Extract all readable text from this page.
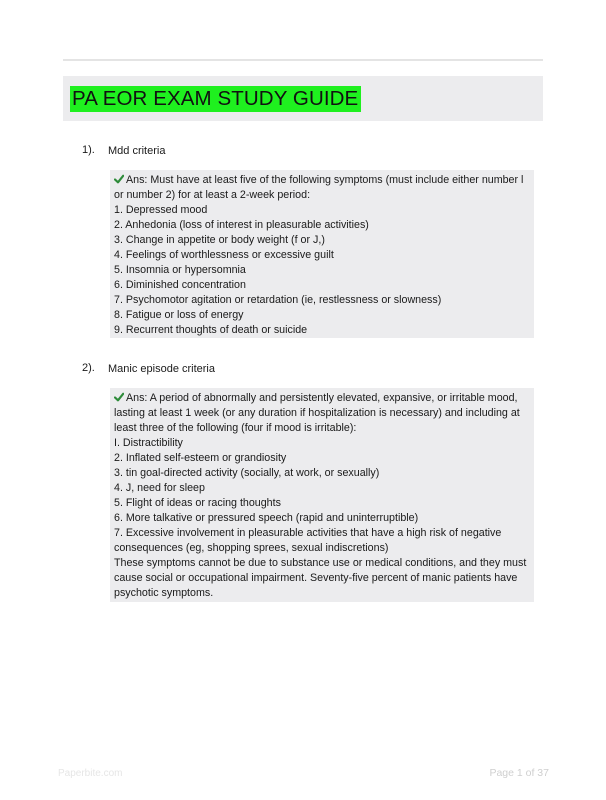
PA EOR EXAM STUDY GUIDE
1). Mdd criteria
Ans: Must have at least five of the following symptoms (must include either number l
or number 2) for at least a 2-week period:
1. Depressed mood
2. Anhedonia (loss of interest in pleasurable activities)
3. Change in appetite or body weight (f or J,)
4. Feelings of worthlessness or excessive guilt
5. Insomnia or hypersomnia
6. Diminished concentration
7. Psychomotor agitation or retardation (ie, restlessness or slowness)
8. Fatigue or loss of energy
9. Recurrent thoughts of death or suicide
2). Manic episode criteria
Ans: A period of abnormally and persistently elevated, expansive, or irritable mood,
lasting at least 1 week (or any duration if hospitalization is necessary) and including at
least three of the following (four if mood is irritable):
I. Distractibility
2. Inflated self-esteem or grandiosity
3. tin goal-directed activity (socially, at work, or sexually)
4. J, need for sleep
5. Flight of ideas or racing thoughts
6. More talkative or pressured speech (rapid and uninterruptible)
7. Excessive involvement in pleasurable activities that have a high risk of negative
consequences (eg, shopping sprees, sexual indiscretions)
These symptoms cannot be due to substance use or medical conditions, and they must
cause social or occupational impairment. Seventy-five percent of manic patients have
psychotic symptoms.
Paperbite.com	Page 1 of 37
